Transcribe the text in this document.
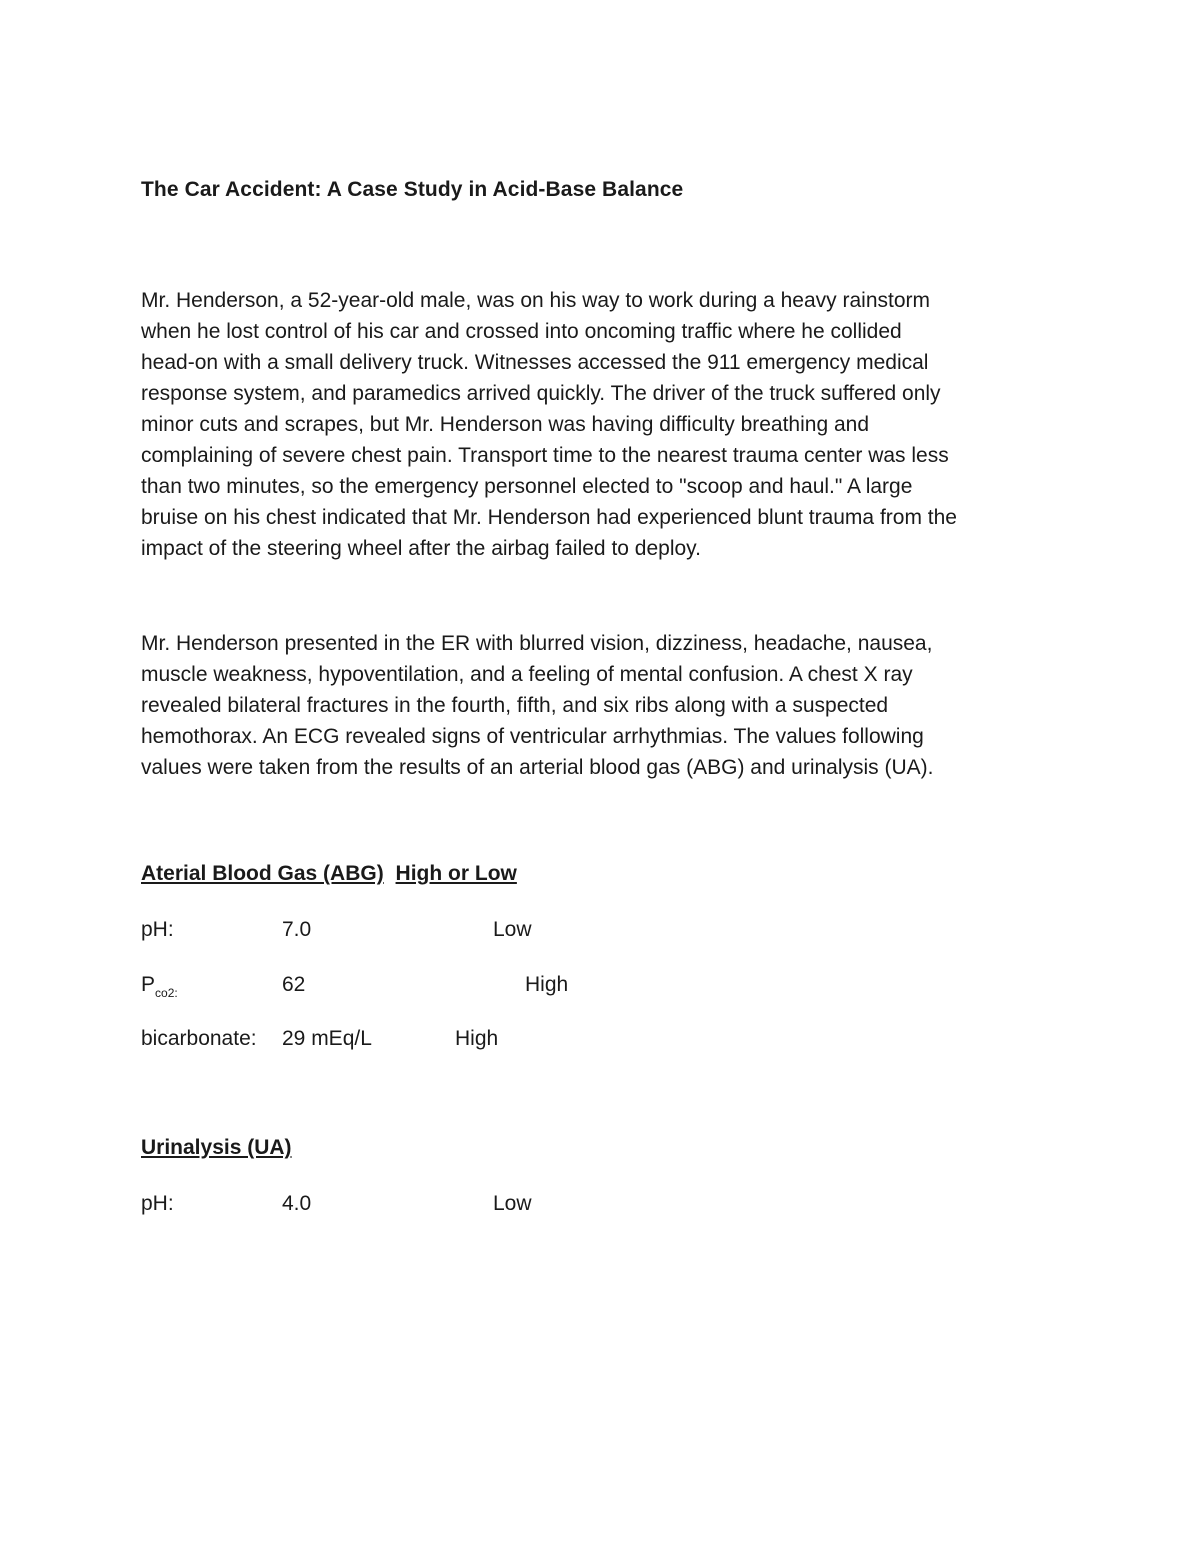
The Car Accident: A Case Study in Acid-Base Balance
Mr. Henderson, a 52-year-old male, was on his way to work during a heavy rainstorm
when he lost control of his car and crossed into oncoming traffic where he collided
head-on with a small delivery truck. Witnesses accessed the 911 emergency medical
response system, and paramedics arrived quickly. The driver of the truck suffered only
minor cuts and scrapes, but Mr. Henderson was having difficulty breathing and
complaining of severe chest pain. Transport time to the nearest trauma center was less
than two minutes, so the emergency personnel elected to "scoop and haul." A large
bruise on his chest indicated that Mr. Henderson had experienced blunt trauma from the
impact of the steering wheel after the airbag failed to deploy.
Mr. Henderson presented in the ER with blurred vision, dizziness, headache, nausea,
muscle weakness, hypoventilation, and a feeling of mental confusion. A chest X ray
revealed bilateral fractures in the fourth, fifth, and six ribs along with a suspected
hemothorax. An ECG revealed signs of ventricular arrhythmias. The values following
values were taken from the results of an arterial blood gas (ABG) and urinalysis (UA).
Aterial Blood Gas (ABG) High or Low
pH:	7.0	Low
$P_{co2:}$	62	High
bicarbonate: 29 mEq/L	High
Urinalysis (UA)
pH:	4.0	Low
